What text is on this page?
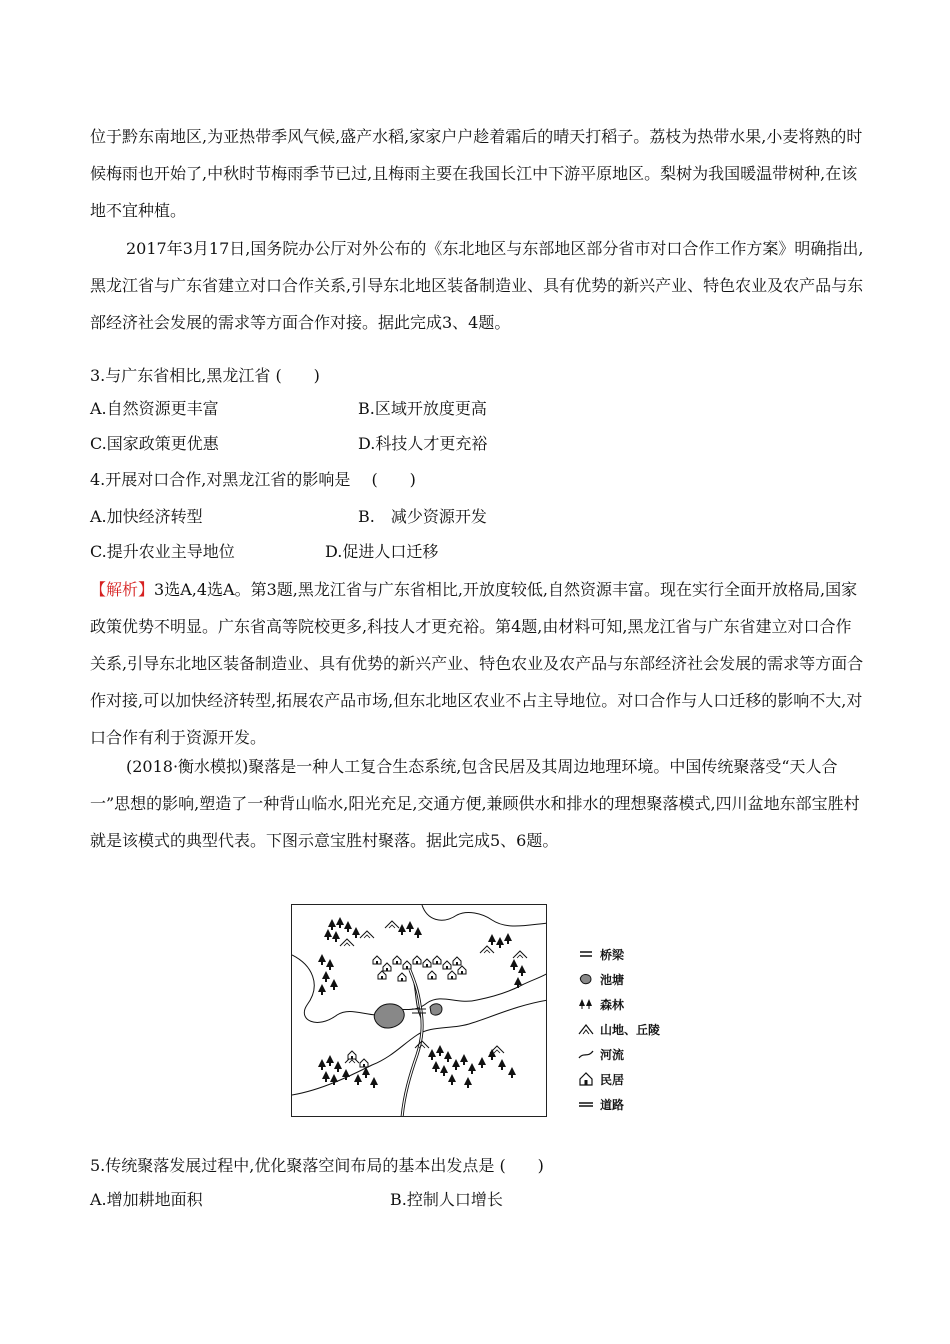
位于黔东南地区,为亚热带季风气候,盛产水稻,家家户户趁着霜后的晴天打稻子。荔枝为热带水果,小麦将熟的时候梅雨也开始了,中秋时节梅雨季节已过,且梅雨主要在我国长江中下游平原地区。梨树为我国暖温带树种,在该地不宜种植。

2017年3月17日,国务院办公厅对外公布的《东北地区与东部地区部分省市对口合作工作方案》明确指出,黑龙江省与广东省建立对口合作关系,引导东北地区装备制造业、具有优势的新兴产业、特色农业及农产品与东部经济社会发展的需求等方面合作对接。据此完成3、4题。

3.与广东省相比,黑龙江省 (　　)
A.自然资源更丰富	B.区域开放度更高
C.国家政策更优惠	D.科技人才更充裕
4.开展对口合作,对黑龙江省的影响是　 (　　)
A.加快经济转型	B.　减少资源开发
C.提升农业主导地位	D.促进人口迁移

【解析】3选A,4选A。第3题,黑龙江省与广东省相比,开放度较低,自然资源丰富。现在实行全面开放格局,国家政策优势不明显。广东省高等院校更多,科技人才更充裕。第4题,由材料可知,黑龙江省与广东省建立对口合作关系,引导东北地区装备制造业、具有优势的新兴产业、特色农业及农产品与东部经济社会发展的需求等方面合作对接,可以加快经济转型,拓展农产品市场,但东北地区农业不占主导地位。对口合作与人口迁移的影响不大,对口合作有利于资源开发。

(2018·衡水模拟)聚落是一种人工复合生态系统,包含民居及其周边地理环境。中国传统聚落受“天人合一”思想的影响,塑造了一种背山临水,阳光充足,交通方便,兼顾供水和排水的理想聚落模式,四川盆地东部宝胜村就是该模式的典型代表。下图示意宝胜村聚落。据此完成5、6题。

桥梁
池塘
森林
山地、丘陵
河流
民居
道路
5.传统聚落发展过程中,优化聚落空间布局的基本出发点是 (　　)
A.增加耕地面积	B.控制人口增长
